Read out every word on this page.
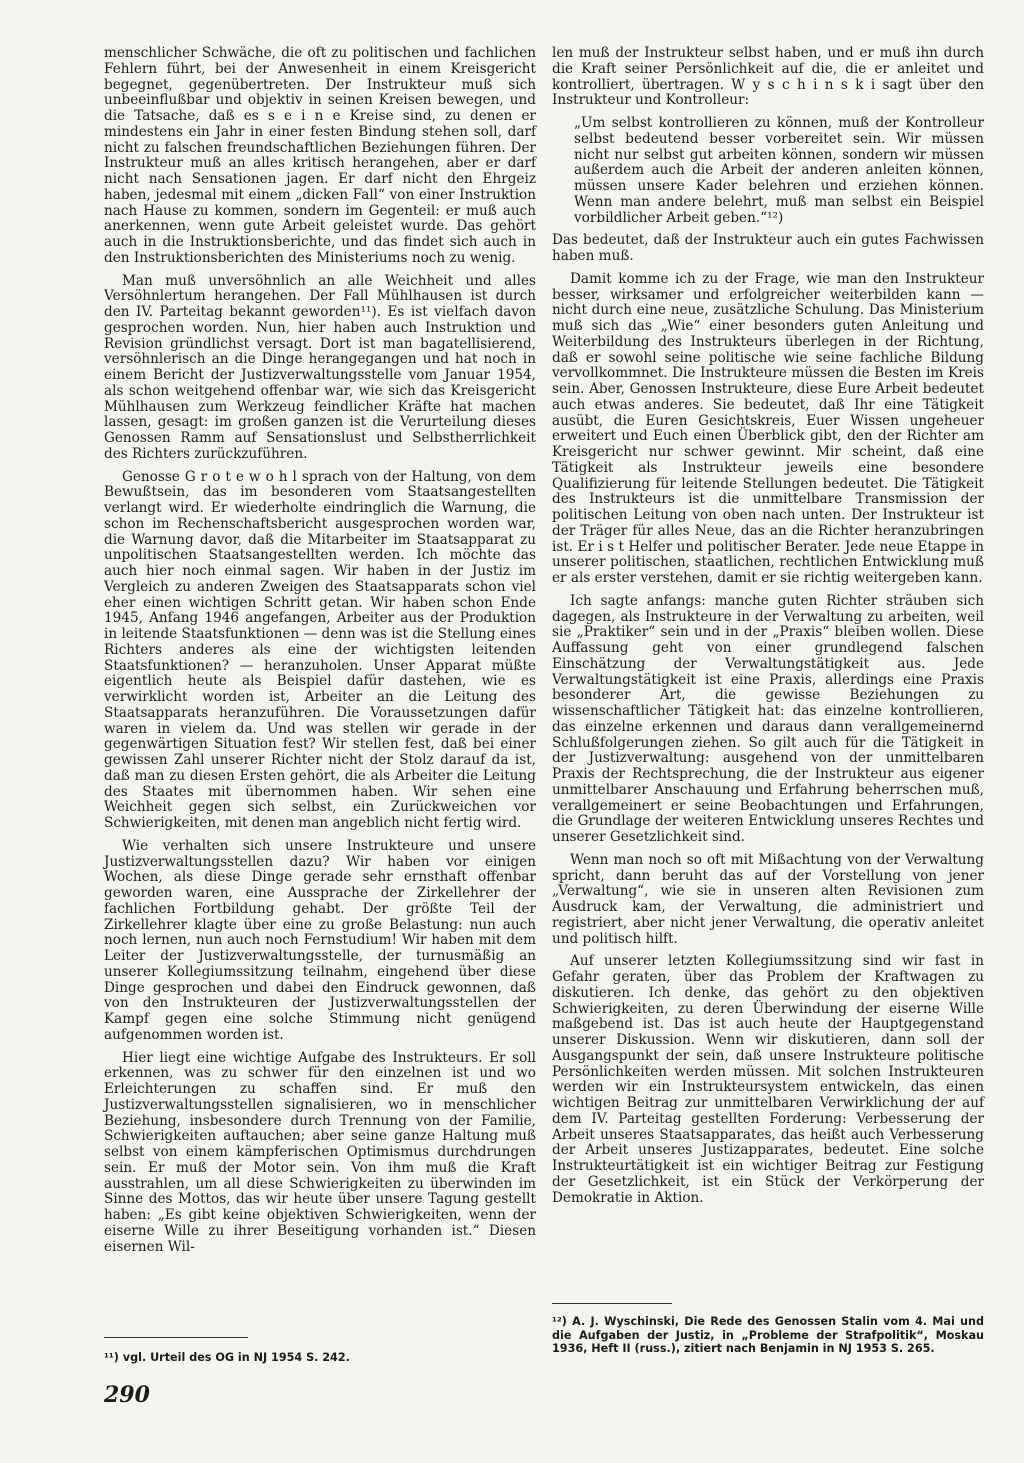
menschlicher Schwäche, die oft zu politischen und fachlichen Fehlern führt, bei der Anwesenheit in einem Kreisgericht begegnet, gegenübertreten. Der Instrukteur muß sich unbeeinflußbar und objektiv in seinen Kreisen bewegen, und die Tatsache, daß es s e i n e Kreise sind, zu denen er mindestens ein Jahr in einer festen Bindung stehen soll, darf nicht zu falschen freundschaftlichen Beziehungen führen. Der Instrukteur muß an alles kritisch herangehen, aber er darf nicht nach Sensationen jagen. Er darf nicht den Ehrgeiz haben, jedesmal mit einem „dicken Fall“ von einer Instruktion nach Hause zu kommen, sondern im Gegenteil: er muß auch anerkennen, wenn gute Arbeit geleistet wurde. Das gehört auch in die Instruktionsberichte, und das findet sich auch in den Instruktionsberichten des Ministeriums noch zu wenig.

Man muß unversöhnlich an alle Weichheit und alles Versöhnlertum herangehen. Der Fall Mühlhausen ist durch den IV. Parteitag bekannt geworden¹¹). Es ist vielfach davon gesprochen worden. Nun, hier haben auch Instruktion und Revision gründlichst versagt. Dort ist man bagatellisierend, versöhnlerisch an die Dinge herangegangen und hat noch in einem Bericht der Justizverwaltungsstelle vom Januar 1954, als schon weitgehend offenbar war, wie sich das Kreisgericht Mühlhausen zum Werkzeug feindlicher Kräfte hat machen lassen, gesagt: im großen ganzen ist die Verurteilung dieses Genossen Ramm auf Sensationslust und Selbstherrlichkeit des Richters zurückzuführen.

Genosse G r o t e w o h l sprach von der Haltung, von dem Bewußtsein, das im besonderen vom Staatsangestellten verlangt wird. Er wiederholte eindringlich die Warnung, die schon im Rechenschaftsbericht ausgesprochen worden war, die Warnung davor, daß die Mitarbeiter im Staatsapparat zu unpolitischen Staatsangestellten werden. Ich möchte das auch hier noch einmal sagen. Wir haben in der Justiz im Vergleich zu anderen Zweigen des Staatsapparats schon viel eher einen wichtigen Schritt getan. Wir haben schon Ende 1945, Anfang 1946 angefangen, Arbeiter aus der Produktion in leitende Staatsfunktionen — denn was ist die Stellung eines Richters anderes als eine der wichtigsten leitenden Staatsfunktionen? — heranzuholen. Unser Apparat müßte eigentlich heute als Beispiel dafür dastehen, wie es verwirklicht worden ist, Arbeiter an die Leitung des Staatsapparats heranzuführen. Die Voraussetzungen dafür waren in vielem da. Und was stellen wir gerade in der gegenwärtigen Situation fest? Wir stellen fest, daß bei einer gewissen Zahl unserer Richter nicht der Stolz darauf da ist, daß man zu diesen Ersten gehört, die als Arbeiter die Leitung des Staates mit übernommen haben. Wir sehen eine Weichheit gegen sich selbst, ein Zurückweichen vor Schwierigkeiten, mit denen man angeblich nicht fertig wird.

Wie verhalten sich unsere Instrukteure und unsere Justizverwaltungsstellen dazu? Wir haben vor einigen Wochen, als diese Dinge gerade sehr ernsthaft offenbar geworden waren, eine Aussprache der Zirkellehrer der fachlichen Fortbildung gehabt. Der größte Teil der Zirkellehrer klagte über eine zu große Belastung: nun auch noch lernen, nun auch noch Fernstudium! Wir haben mit dem Leiter der Justizverwaltungsstelle, der turnusmäßig an unserer Kollegiumssitzung teilnahm, eingehend über diese Dinge gesprochen und dabei den Eindruck gewonnen, daß von den Instrukteuren der Justizverwaltungsstellen der Kampf gegen eine solche Stimmung nicht genügend aufgenommen worden ist.

Hier liegt eine wichtige Aufgabe des Instrukteurs. Er soll erkennen, was zu schwer für den einzelnen ist und wo Erleichterungen zu schaffen sind. Er muß den Justizverwaltungsstellen signalisieren, wo in menschlicher Beziehung, insbesondere durch Trennung von der Familie, Schwierigkeiten auftauchen; aber seine ganze Haltung muß selbst von einem kämpferischen Optimismus durchdrungen sein. Er muß der Motor sein. Von ihm muß die Kraft ausstrahlen, um all diese Schwierigkeiten zu überwinden im Sinne des Mottos, das wir heute über unsere Tagung gestellt haben: „Es gibt keine objektiven Schwierigkeiten, wenn der eiserne Wille zu ihrer Beseitigung vorhanden ist.“ Diesen eisernen Wil-

¹¹) vgl. Urteil des OG in NJ 1954 S. 242.

len muß der Instrukteur selbst haben, und er muß ihn durch die Kraft seiner Persönlichkeit auf die, die er anleitet und kontrolliert, übertragen. W y s c h i n s k i sagt über den Instrukteur und Kontrolleur:

„Um selbst kontrollieren zu können, muß der Kontrolleur selbst bedeutend besser vorbereitet sein. Wir müssen nicht nur selbst gut arbeiten können, sondern wir müssen außerdem auch die Arbeit der anderen anleiten können, müssen unsere Kader belehren und erziehen können. Wenn man andere belehrt, muß man selbst ein Beispiel vorbildlicher Arbeit geben.“¹²)

Das bedeutet, daß der Instrukteur auch ein gutes Fachwissen haben muß.

Damit komme ich zu der Frage, wie man den Instrukteur besser, wirksamer und erfolgreicher weiterbilden kann — nicht durch eine neue, zusätzliche Schulung. Das Ministerium muß sich das „Wie“ einer besonders guten Anleitung und Weiterbildung des Instrukteurs überlegen in der Richtung, daß er sowohl seine politische wie seine fachliche Bildung vervollkommnet. Die Instrukteure müssen die Besten im Kreis sein. Aber, Genossen Instrukteure, diese Eure Arbeit bedeutet auch etwas anderes. Sie bedeutet, daß Ihr eine Tätigkeit ausübt, die Euren Gesichtskreis, Euer Wissen ungeheuer erweitert und Euch einen Überblick gibt, den der Richter am Kreisgericht nur schwer gewinnt. Mir scheint, daß eine Tätigkeit als Instrukteur jeweils eine besondere Qualifizierung für leitende Stellungen bedeutet. Die Tätigkeit des Instrukteurs ist die unmittelbare Transmission der politischen Leitung von oben nach unten. Der Instrukteur ist der Träger für alles Neue, das an die Richter heranzubringen ist. Er i s t Helfer und politischer Berater. Jede neue Etappe in unserer politischen, staatlichen, rechtlichen Entwicklung muß er als erster verstehen, damit er sie richtig weitergeben kann.

Ich sagte anfangs: manche guten Richter sträuben sich dagegen, als Instrukteure in der Verwaltung zu arbeiten, weil sie „Praktiker“ sein und in der „Praxis“ bleiben wollen. Diese Auffassung geht von einer grundlegend falschen Einschätzung der Verwaltungstätigkeit aus. Jede Verwaltungstätigkeit ist eine Praxis, allerdings eine Praxis besonderer Art, die gewisse Beziehungen zu wissenschaftlicher Tätigkeit hat: das einzelne kontrollieren, das einzelne erkennen und daraus dann verallgemeinernd Schlußfolgerungen ziehen. So gilt auch für die Tätigkeit in der Justizverwaltung: ausgehend von der unmittelbaren Praxis der Rechtsprechung, die der Instrukteur aus eigener unmittelbarer Anschauung und Erfahrung beherrschen muß, verallgemeinert er seine Beobachtungen und Erfahrungen, die Grundlage der weiteren Entwicklung unseres Rechtes und unserer Gesetzlichkeit sind.

Wenn man noch so oft mit Mißachtung von der Verwaltung spricht, dann beruht das auf der Vorstellung von jener „Verwaltung“, wie sie in unseren alten Revisionen zum Ausdruck kam, der Verwaltung, die administriert und registriert, aber nicht jener Verwaltung, die operativ anleitet und politisch hilft.

Auf unserer letzten Kollegiumssitzung sind wir fast in Gefahr geraten, über das Problem der Kraftwagen zu diskutieren. Ich denke, das gehört zu den objektiven Schwierigkeiten, zu deren Überwindung der eiserne Wille maßgebend ist. Das ist auch heute der Hauptgegenstand unserer Diskussion. Wenn wir diskutieren, dann soll der Ausgangspunkt der sein, daß unsere Instrukteure politische Persönlichkeiten werden müssen. Mit solchen Instrukteuren werden wir ein Instrukteursystem entwickeln, das einen wichtigen Beitrag zur unmittelbaren Verwirklichung der auf dem IV. Parteitag gestellten Forderung: Verbesserung der Arbeit unseres Staatsapparates, das heißt auch Verbesserung der Arbeit unseres Justizapparates, bedeutet. Eine solche Instrukteurtätigkeit ist ein wichtiger Beitrag zur Festigung der Gesetzlichkeit, ist ein Stück der Verkörperung der Demokratie in Aktion.

¹²) A. J. Wyschinski, Die Rede des Genossen Stalin vom 4. Mai und die Aufgaben der Justiz, in „Probleme der Strafpolitik“, Moskau 1936, Heft II (russ.), zitiert nach Benjamin in NJ 1953 S. 265.
290
